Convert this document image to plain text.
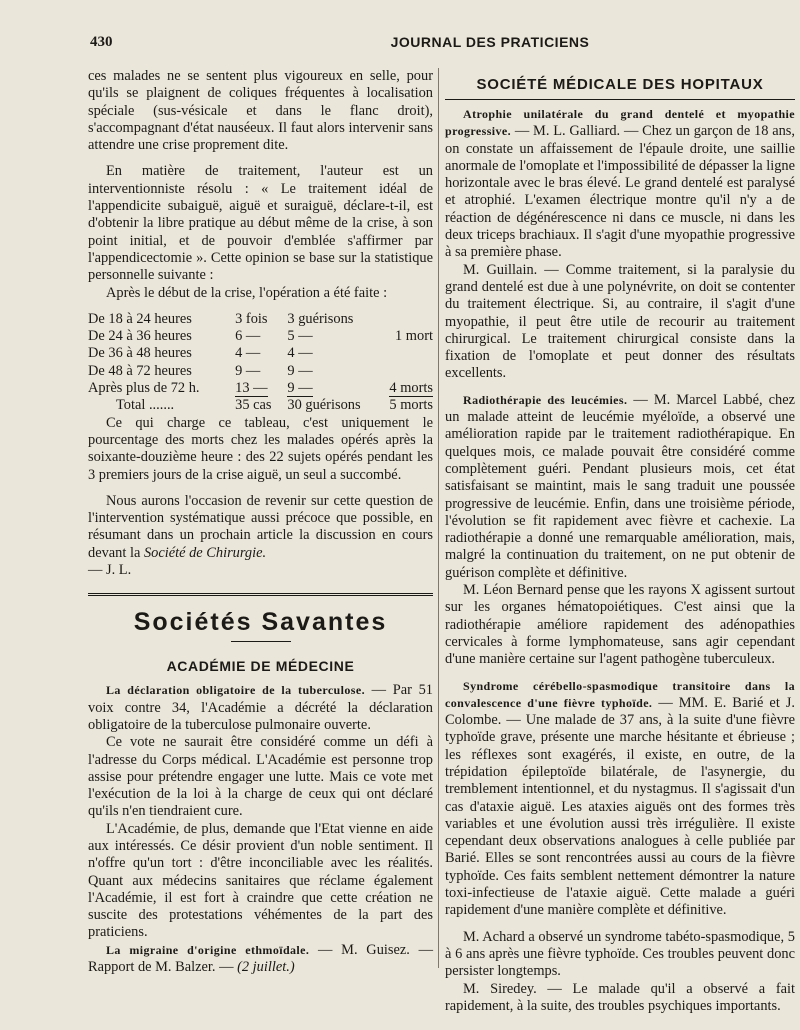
430	JOURNAL DES PRATICIENS

ces malades ne se sentent plus vigoureux en selle, pour qu'ils se plaignent de coliques fréquentes à localisation spéciale (sus-vésicale et dans le flanc droit), s'accompagnant d'état nauséeux. Il faut alors intervenir sans attendre une crise proprement dite.

En matière de traitement, l'auteur est un interventionniste résolu : « Le traitement idéal de l'appendicite subaiguë, aiguë et suraiguë, déclare-t-il, est d'obtenir la libre pratique au début même de la crise, à son point initial, et de pouvoir d'emblée s'affirmer par l'appendicectomie ». Cette opinion se base sur la statistique personnelle suivante :

Après le début de la crise, l'opération a été faite :

De 18 à 24 heures	3 fois	3 guérisons	
De 24 à 36 heures	6 —	5 —	1 mort
De 36 à 48 heures	4 —	4 —	
De 48 à 72 heures	9 —	9 —	
Après plus de 72 h.	13 —	9 —	4 morts
Total .......	35 cas	30 guérisons	5 morts

Ce qui charge ce tableau, c'est uniquement le pourcentage des morts chez les malades opérés après la soixante-douzième heure : des 22 sujets opérés pendant les 3 premiers jours de la crise aiguë, un seul a succombé.

Nous aurons l'occasion de revenir sur cette question de l'intervention systématique aussi précoce que possible, en résumant dans un prochain article la discussion en cours devant la Société de Chirurgie.

— J. L.

Sociétés Savantes
ACADÉMIE DE MÉDECINE

La déclaration obligatoire de la tuberculose. — Par 51 voix contre 34, l'Académie a décrété la déclaration obligatoire de la tuberculose pulmonaire ouverte.

Ce vote ne saurait être considéré comme un défi à l'adresse du Corps médical. L'Académie est personne trop assise pour prétendre engager une lutte. Mais ce vote met l'exécution de la loi à la charge de ceux qui ont déclaré qu'ils n'en tiendraient cure.

L'Académie, de plus, demande que l'Etat vienne en aide aux intéressés. Ce désir provient d'un noble sentiment. Il n'offre qu'un tort : d'être inconciliable avec les réalités. Quant aux médecins sanitaires que réclame également l'Académie, il est fort à craindre que cette création ne suscite des protestations véhémentes de la part des praticiens.

La migraine d'origine ethmoïdale. — M. Guisez. — Rapport de M. Balzer. — (2 juillet.)

SOCIÉTÉ MÉDICALE DES HOPITAUX

Atrophie unilatérale du grand dentelé et myopathie progressive. — M. L. Galliard. — Chez un garçon de 18 ans, on constate un affaissement de l'épaule droite, une saillie anormale de l'omoplate et l'impossibilité de dépasser la ligne horizontale avec le bras élevé. Le grand dentelé est paralysé et atrophié. L'examen électrique montre qu'il n'y a de réaction de dégénérescence ni dans ce muscle, ni dans les deux triceps brachiaux. Il s'agit d'une myopathie progressive à sa première phase.

M. Guillain. — Comme traitement, si la paralysie du grand dentelé est due à une polynévrite, on doit se contenter du traitement électrique. Si, au contraire, il s'agit d'une myopathie, il peut être utile de recourir au traitement chirurgical. Le traitement chirurgical consiste dans la fixation de l'omoplate et peut donner des résultats excellents.

Radiothérapie des leucémies. — M. Marcel Labbé, chez un malade atteint de leucémie myéloïde, a observé une amélioration rapide par le traitement radiothérapique. En quelques mois, ce malade pouvait être considéré comme complètement guéri. Pendant plusieurs mois, cet état satisfaisant se maintint, mais le sang traduit une poussée progressive de leucémie. Enfin, dans une troisième période, l'évolution se fit rapidement avec fièvre et cachexie. La radiothérapie a donné une remarquable amélioration, mais, malgré la continuation du traitement, on ne put obtenir de guérison complète et définitive.

M. Léon Bernard pense que les rayons X agissent surtout sur les organes hématopoiétiques. C'est ainsi que la radiothérapie améliore rapidement des adénopathies cervicales à forme lymphomateuse, sans agir cependant d'une manière certaine sur l'agent pathogène tuberculeux.

Syndrome cérébello-spasmodique transitoire dans la convalescence d'une fièvre typhoïde. — MM. E. Barié et J. Colombe. — Une malade de 37 ans, à la suite d'une fièvre typhoïde grave, présente une marche hésitante et ébrieuse ; les réflexes sont exagérés, il existe, en outre, de la trépidation épileptoïde bilatérale, de l'asynergie, du tremblement intentionnel, et du nystagmus. Il s'agissait d'un cas d'ataxie aiguë. Les ataxies aiguës ont des formes très variables et une évolution aussi très irrégulière. Il existe cependant deux observations analogues à celle publiée par Barié. Elles se sont rencontrées aussi au cours de la fièvre typhoïde. Ces faits semblent nettement démontrer la nature toxi-infectieuse de l'ataxie aiguë. Cette malade a guéri rapidement d'une manière complète et définitive.

M. Achard a observé un syndrome tabéto-spasmodique, 5 à 6 ans après une fièvre typhoïde. Ces troubles peuvent donc persister longtemps.

M. Siredey. — Le malade qu'il a observé a fait rapidement, à la suite, des troubles psychiques importants.
